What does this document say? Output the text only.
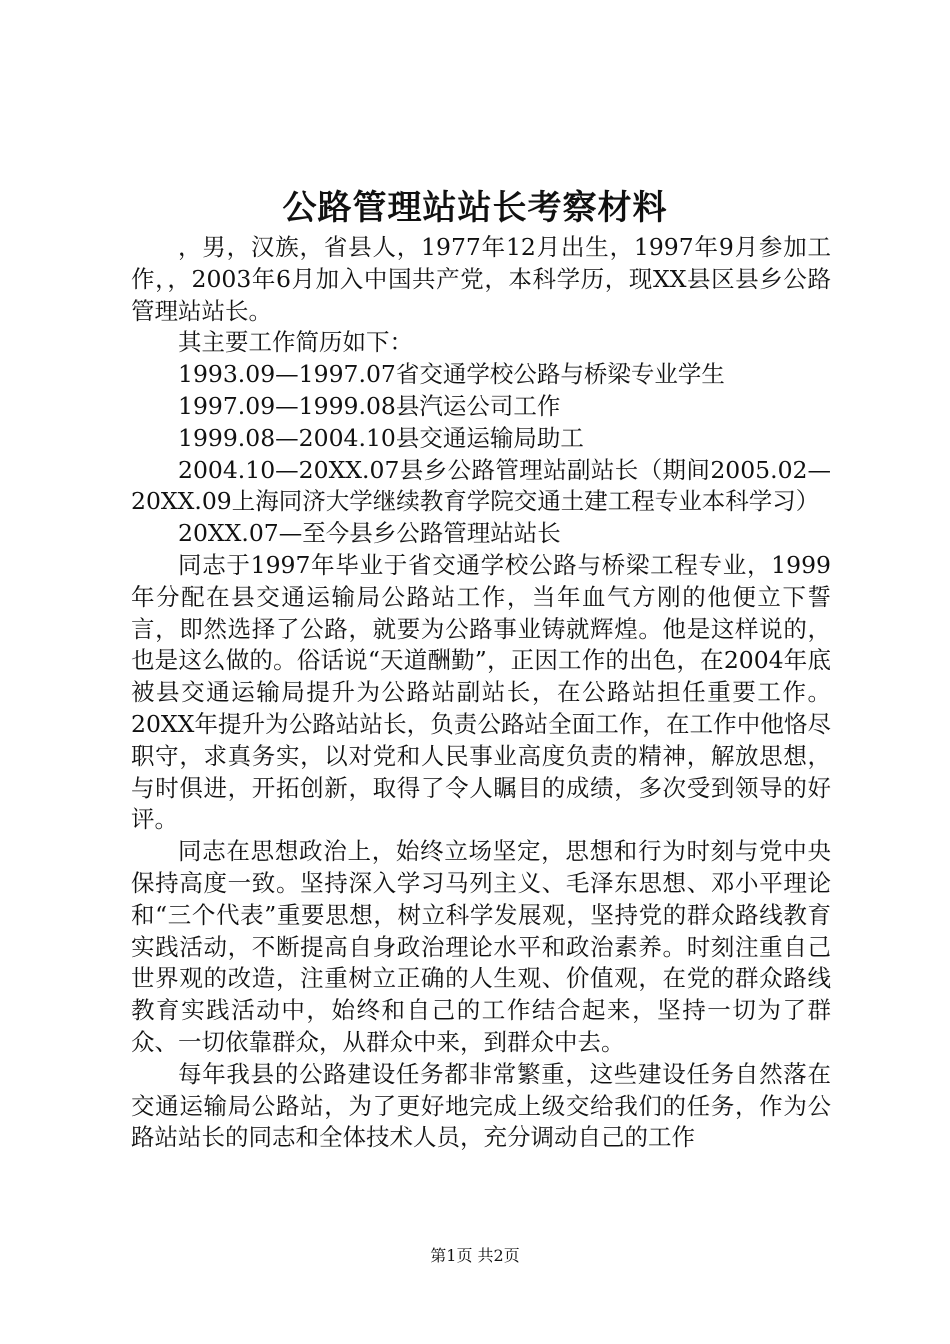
公路管理站站长考察材料

，男，汉族，省县人，1977年12月出生，1997年9月参加工作，，2003年6月加入中国共产党，本科学历，现XX县区县乡公路管理站站长。

其主要工作简历如下：

1993.09—1997.07省交通学校公路与桥梁专业学生

1997.09—1999.08县汽运公司工作

1999.08—2004.10县交通运输局助工

2004.10—20XX.07县乡公路管理站副站长（期间2005.02—20XX.09上海同济大学继续教育学院交通土建工程专业本科学习）

20XX.07—至今县乡公路管理站站长

同志于1997年毕业于省交通学校公路与桥梁工程专业，1999年分配在县交通运输局公路站工作，当年血气方刚的他便立下誓言，即然选择了公路，就要为公路事业铸就辉煌。他是这样说的，也是这么做的。俗话说“天道酬勤”，正因工作的出色，在2004年底被县交通运输局提升为公路站副站长，在公路站担任重要工作。20XX年提升为公路站站长，负责公路站全面工作，在工作中他恪尽职守，求真务实，以对党和人民事业高度负责的精神，解放思想，与时俱进，开拓创新，取得了令人瞩目的成绩，多次受到领导的好评。

同志在思想政治上，始终立场坚定，思想和行为时刻与党中央保持高度一致。坚持深入学习马列主义、毛泽东思想、邓小平理论和“三个代表”重要思想，树立科学发展观，坚持党的群众路线教育实践活动，不断提高自身政治理论水平和政治素养。时刻注重自己世界观的改造，注重树立正确的人生观、价值观，在党的群众路线教育实践活动中，始终和自己的工作结合起来，坚持一切为了群众、一切依靠群众，从群众中来，到群众中去。

每年我县的公路建设任务都非常繁重，这些建设任务自然落在交通运输局公路站，为了更好地完成上级交给我们的任务，作为公路站站长的同志和全体技术人员，充分调动自己的工作

第1页 共2页
